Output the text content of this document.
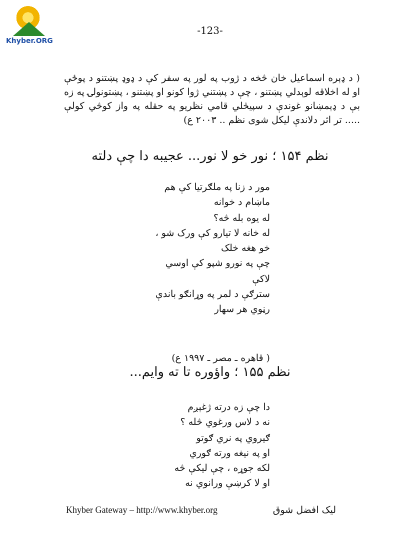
Khyber.ORG
-123-
( د ډېره اسماعيل خان څخه د ژوب په لور په سفر کې د ډوډ پښتنو د پوځې او له اخلاقه لوېدلي پښتنو ، چې د پښتني ژوا کونو او پښتنو ، پښتونولۍ په زه بې د ډېمښانو غوندې د سپيڅلي قامي نظريو په حقله په واز کوڅي کولې ..... تر اثر دلاندې ليکل شوی نظم .. ۲۰۰۳ ع)
نظم ۱۵۴ ؛ نور خو لا نور... عجيبه دا چې دلته
مور د زنا په ملګرتيا کې هم
ماښام د خوانه
له يوه بله څه؟
له خانه لا تيارو کې ورک شو ،
خو هغه خلک
چې په نورو شپو کې اوسي
لاکې
سترګې د لمر په وړانګو باندې
رڼوي هر سهار
( قاهره ـ مصر ـ ۱۹۹۷ ع)
نظم ۱۵۵ ؛ واؤوره تا ته وايم...
دا چې زه درته ژغېږم
نه د لاس ورغوي څله ؟
ګيروي په نري ګوتو
او په نيغه ورته ګوري
لکه جوړه ، چې ليکې څه
او لا کرښې ورانوي نه
Khyber Gateway – http://www.khyber.org	ليک افضل شوق
